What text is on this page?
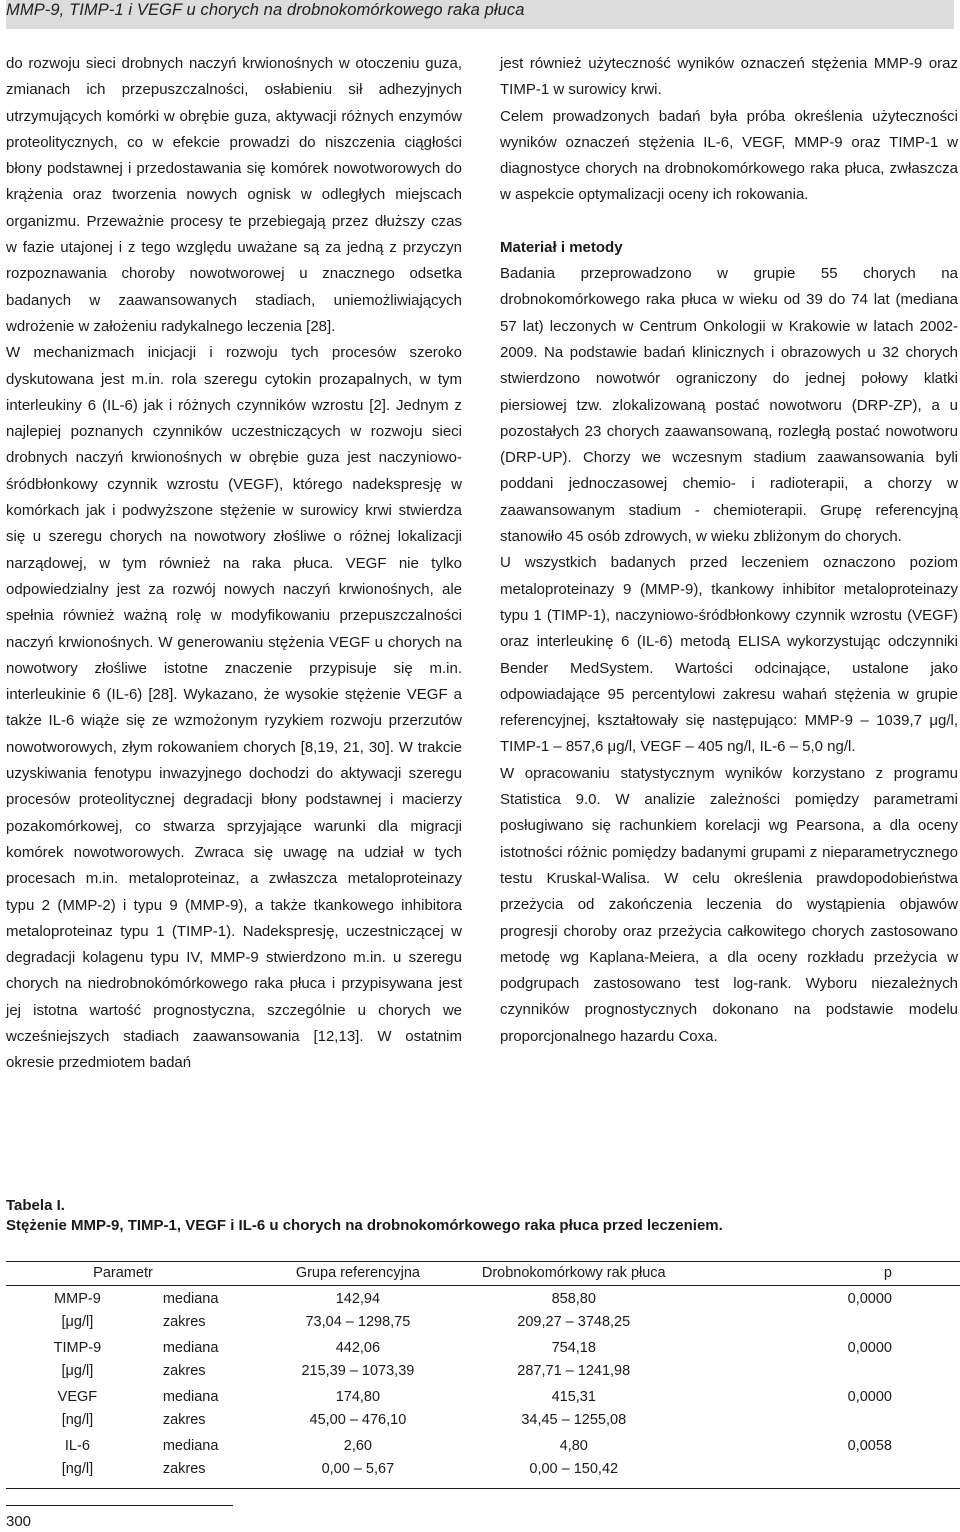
MMP-9, TIMP-1 i VEGF u chorych na drobnokomórkowego raka płuca

do rozwoju sieci drobnych naczyń krwionośnych w otoczeniu guza, zmianach ich przepuszczalności, osłabieniu sił adhezyjnych utrzymujących komórki w obrębie guza, aktywacji różnych enzymów proteolitycznych, co w efekcie prowadzi do niszczenia ciągłości błony podstawnej i przedostawania się komórek nowotworowych do krążenia oraz tworzenia nowych ognisk w odległych miejscach organizmu. Przeważnie procesy te przebiegają przez dłuższy czas w fazie utajonej i z tego względu uważane są za jedną z przyczyn rozpoznawania choroby nowotworowej u znacznego odsetka badanych w zaawansowanych stadiach, uniemożliwiających wdrożenie w założeniu radykalnego leczenia [28].

W mechanizmach inicjacji i rozwoju tych procesów szeroko dyskutowana jest m.in. rola szeregu cytokin prozapalnych, w tym interleukiny 6 (IL-6) jak i różnych czynników wzrostu [2]. Jednym z najlepiej poznanych czynników uczestniczących w rozwoju sieci drobnych naczyń krwionośnych w obrębie guza jest naczyniowo-śródbłonkowy czynnik wzrostu (VEGF), którego nadekspresję w komórkach jak i podwyższone stężenie w surowicy krwi stwierdza się u szeregu chorych na nowotwory złośliwe o różnej lokalizacji narządowej, w tym również na raka płuca. VEGF nie tylko odpowiedzialny jest za rozwój nowych naczyń krwionośnych, ale spełnia również ważną rolę w modyfikowaniu przepuszczalności naczyń krwionośnych. W generowaniu stężenia VEGF u chorych na nowotwory złośliwe istotne znaczenie przypisuje się m.in. interleukinie 6 (IL-6) [28]. Wykazano, że wysokie stężenie VEGF a także IL-6 wiąże się ze wzmożonym ryzykiem rozwoju przerzutów nowotworowych, złym rokowaniem chorych [8,19, 21, 30]. W trakcie uzyskiwania fenotypu inwazyjnego dochodzi do aktywacji szeregu procesów proteolitycznej degradacji błony podstawnej i macierzy pozakomórkowej, co stwarza sprzyjające warunki dla migracji komórek nowotworowych. Zwraca się uwagę na udział w tych procesach m.in. metaloproteinaz, a zwłaszcza metaloproteinazy typu 2 (MMP-2) i typu 9 (MMP-9), a także tkankowego inhibitora metaloproteinaz typu 1 (TIMP-1). Nadekspresję, uczestniczącej w degradacji kolagenu typu IV, MMP-9 stwierdzono m.in. u szeregu chorych na niedrobnokómórkowego raka płuca i przypisywana jest jej istotna wartość prognostyczna, szczególnie u chorych we wcześniejszych stadiach zaawansowania [12,13]. W ostatnim okresie przedmiotem badań

jest również użyteczność wyników oznaczeń stężenia MMP-9 oraz TIMP-1 w surowicy krwi.

Celem prowadzonych badań była próba określenia użyteczności wyników oznaczeń stężenia IL-6, VEGF, MMP-9 oraz TIMP-1 w diagnostyce chorych na drobnokomórkowego raka płuca, zwłaszcza w aspekcie optymalizacji oceny ich rokowania.

Materiał i metody

Badania przeprowadzono w grupie 55 chorych na drobnokomórkowego raka płuca w wieku od 39 do 74 lat (mediana 57 lat) leczonych w Centrum Onkologii w Krakowie w latach 2002-2009. Na podstawie badań klinicznych i obrazowych u 32 chorych stwierdzono nowotwór ograniczony do jednej połowy klatki piersiowej tzw. zlokalizowaną postać nowotworu (DRP-ZP), a u pozostałych 23 chorych zaawansowaną, rozległą postać nowotworu (DRP-UP). Chorzy we wczesnym stadium zaawansowania byli poddani jednoczasowej chemio- i radioterapii, a chorzy w zaawansowanym stadium - chemioterapii. Grupę referencyjną stanowiło 45 osób zdrowych, w wieku zbliżonym do chorych.

U wszystkich badanych przed leczeniem oznaczono poziom metaloproteinazy 9 (MMP-9), tkankowy inhibitor metaloproteinazy typu 1 (TIMP-1), naczyniowo-śródbłonkowy czynnik wzrostu (VEGF) oraz interleukinę 6 (IL-6) metodą ELISA wykorzystując odczynniki Bender MedSystem. Wartości odcinające, ustalone jako odpowiadające 95 percentylowi zakresu wahań stężenia w grupie referencyjnej, kształtowały się następująco: MMP-9 – 1039,7 μg/l, TIMP-1 – 857,6 μg/l, VEGF – 405 ng/l, IL-6 – 5,0 ng/l.

W opracowaniu statystycznym wyników korzystano z programu Statistica 9.0. W analizie zależności pomiędzy parametrami posługiwano się rachunkiem korelacji wg Pearsona, a dla oceny istotności różnic pomiędzy badanymi grupami z nieparametrycznego testu Kruskal-Walisa. W celu określenia prawdopodobieństwa przeżycia od zakończenia leczenia do wystąpienia objawów progresji choroby oraz przeżycia całkowitego chorych zastosowano metodę wg Kaplana-Meiera, a dla oceny rozkładu przeżycia w podgrupach zastosowano test log-rank. Wyboru niezależnych czynników prognostycznych dokonano na podstawie modelu proporcjonalnego hazardu Coxa.

Tabela I.
Stężenie MMP-9, TIMP-1, VEGF i IL-6 u chorych na drobnokomórkowego raka płuca przed leczeniem.
Parametr		Grupa referencyjna	Drobnokomórkowy rak płuca	p

MMP-9	mediana	142,94	858,80	0,0000
[μg/l]	zakres	73,04 – 1298,75	209,27 – 3748,25	

TIMP-9	mediana	442,06	754,18	0,0000
[μg/l]	zakres	215,39 – 1073,39	287,71 – 1241,98	

VEGF	mediana	174,80	415,31	0,0000
[ng/l]	zakres	45,00 – 476,10	34,45 – 1255,08	

IL-6	mediana	2,60	4,80	0,0058
[ng/l]	zakres	0,00 – 5,67	0,00 – 150,42	
300
